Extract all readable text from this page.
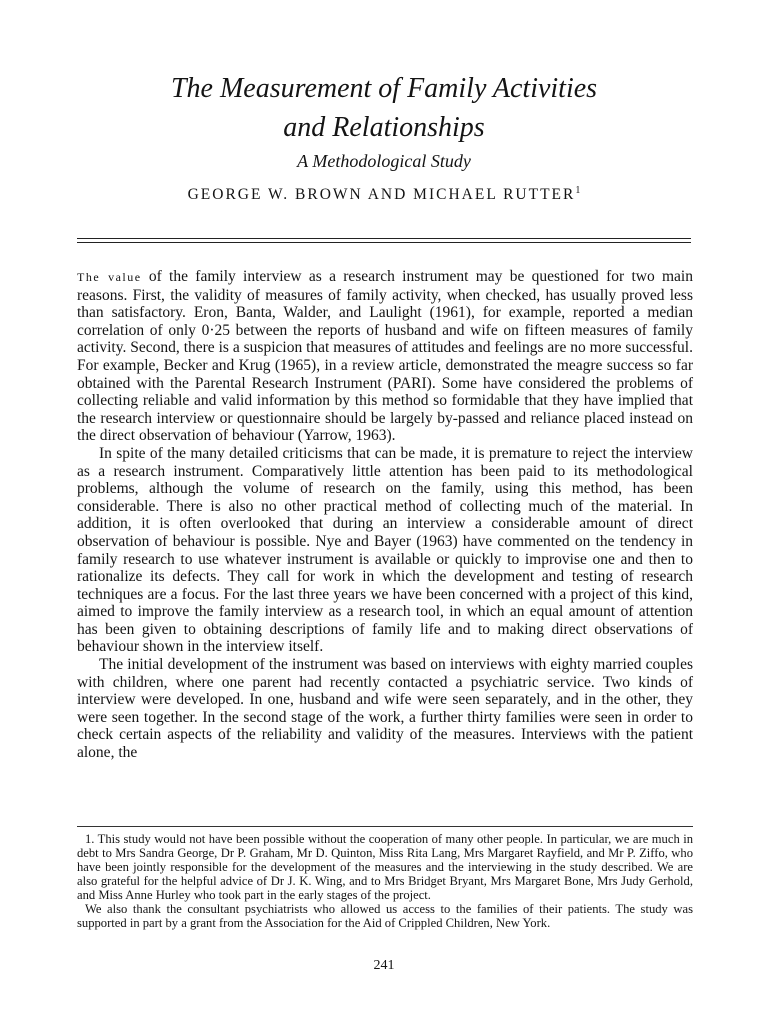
The Measurement of Family Activities
and Relationships
A Methodological Study
GEORGE W. BROWN AND MICHAEL RUTTER$^1$

The value of the family interview as a research instrument may be questioned for two main reasons. First, the validity of measures of family activity, when checked, has usually proved less than satisfactory. Eron, Banta, Walder, and Laulight (1961), for example, reported a median correlation of only 0·25 between the reports of husband and wife on fifteen measures of family activity. Second, there is a suspicion that measures of attitudes and feelings are no more successful. For example, Becker and Krug (1965), in a review article, demonstrated the meagre success so far obtained with the Parental Research Instrument (PARI). Some have considered the problems of collecting reliable and valid information by this method so formidable that they have implied that the research interview or questionnaire should be largely by-passed and reliance placed instead on the direct observation of behaviour (Yarrow, 1963).

In spite of the many detailed criticisms that can be made, it is premature to reject the interview as a research instrument. Comparatively little attention has been paid to its methodological problems, although the volume of research on the family, using this method, has been considerable. There is also no other practical method of collecting much of the material. In addition, it is often overlooked that during an interview a considerable amount of direct observation of behaviour is possible. Nye and Bayer (1963) have commented on the tendency in family research to use whatever instrument is available or quickly to improvise one and then to rationalize its defects. They call for work in which the development and testing of research techniques are a focus. For the last three years we have been concerned with a project of this kind, aimed to improve the family interview as a research tool, in which an equal amount of attention has been given to obtaining descriptions of family life and to making direct observations of behaviour shown in the interview itself.

The initial development of the instrument was based on interviews with eighty married couples with children, where one parent had recently contacted a psychiatric service. Two kinds of interview were developed. In one, husband and wife were seen separately, and in the other, they were seen together. In the second stage of the work, a further thirty families were seen in order to check certain aspects of the reliability and validity of the measures. Interviews with the patient alone, the

1. This study would not have been possible without the cooperation of many other people. In particular, we are much in debt to Mrs Sandra George, Dr P. Graham, Mr D. Quinton, Miss Rita Lang, Mrs Margaret Rayfield, and Mr P. Ziffo, who have been jointly responsible for the development of the measures and the interviewing in the study described. We are also grateful for the helpful advice of Dr J. K. Wing, and to Mrs Bridget Bryant, Mrs Margaret Bone, Mrs Judy Gerhold, and Miss Anne Hurley who took part in the early stages of the project.

We also thank the consultant psychiatrists who allowed us access to the families of their patients. The study was supported in part by a grant from the Association for the Aid of Crippled Children, New York.

241
